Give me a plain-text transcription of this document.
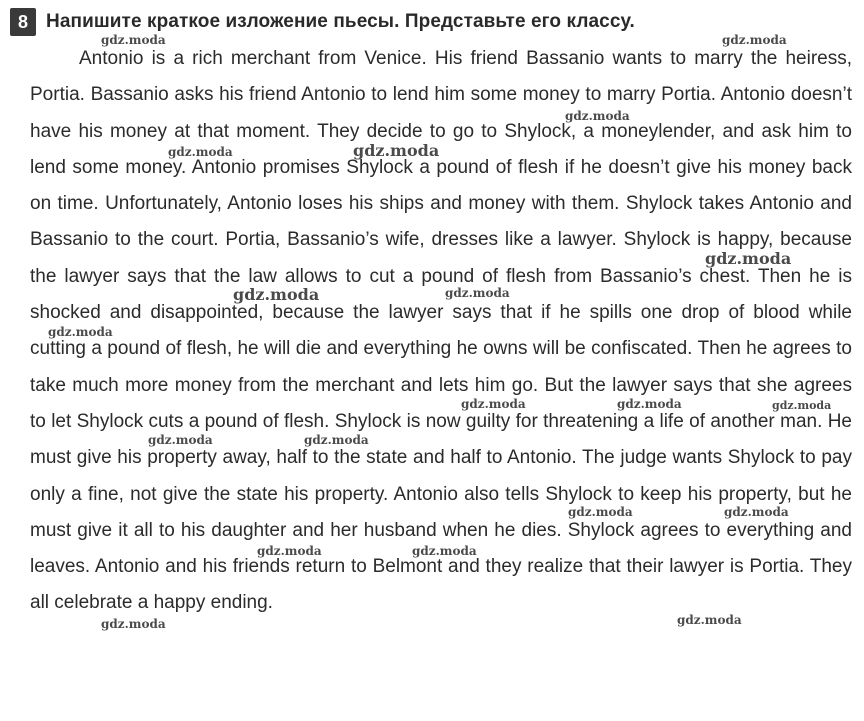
8 Напишите краткое изложение пьесы. Представьте его классу.

Antonio is a rich merchant from Venice. His friend Bassanio wants to marry the heiress, Portia. Bassanio asks his friend Antonio to lend him some money to marry Portia. Antonio doesn’t have his money at that moment. They decide to go to Shylock, a moneylender, and ask him to lend some money. Antonio promises Shylock a pound of flesh if he doesn’t give his money back on time. Unfortunately, Antonio loses his ships and money with them. Shylock takes Antonio and Bassanio to the court. Portia, Bassanio’s wife, dresses like a lawyer. Shylock is happy, because the lawyer says that the law allows to cut a pound of flesh from Bassanio’s chest. Then he is shocked and disappointed, because the lawyer says that if he spills one drop of blood while cutting a pound of flesh, he will die and everything he owns will be confiscated. Then he agrees to take much more money from the merchant and lets him go. But the lawyer says that she agrees to let Shylock cuts a pound of flesh. Shylock is now guilty for threatening a life of another man. He must give his property away, half to the state and half to Antonio. The judge wants Shylock to pay only a fine, not give the state his property. Antonio also tells Shylock to keep his property, but he must give it all to his daughter and her husband when he dies. Shylock agrees to everything and leaves. Antonio and his friends return to Belmont and they realize that their lawyer is Portia. They all celebrate a happy ending.

gdz.moda	gdz.moda
gdz.moda
gdz.moda	gdz.moda
gdz.moda
gdz.moda	gdz.moda
gdz.moda
gdz.moda	gdz.moda	gdz.moda
gdz.moda	gdz.moda
gdz.moda	gdz.moda
gdz.moda	gdz.moda
gdz.moda	gdz.moda
